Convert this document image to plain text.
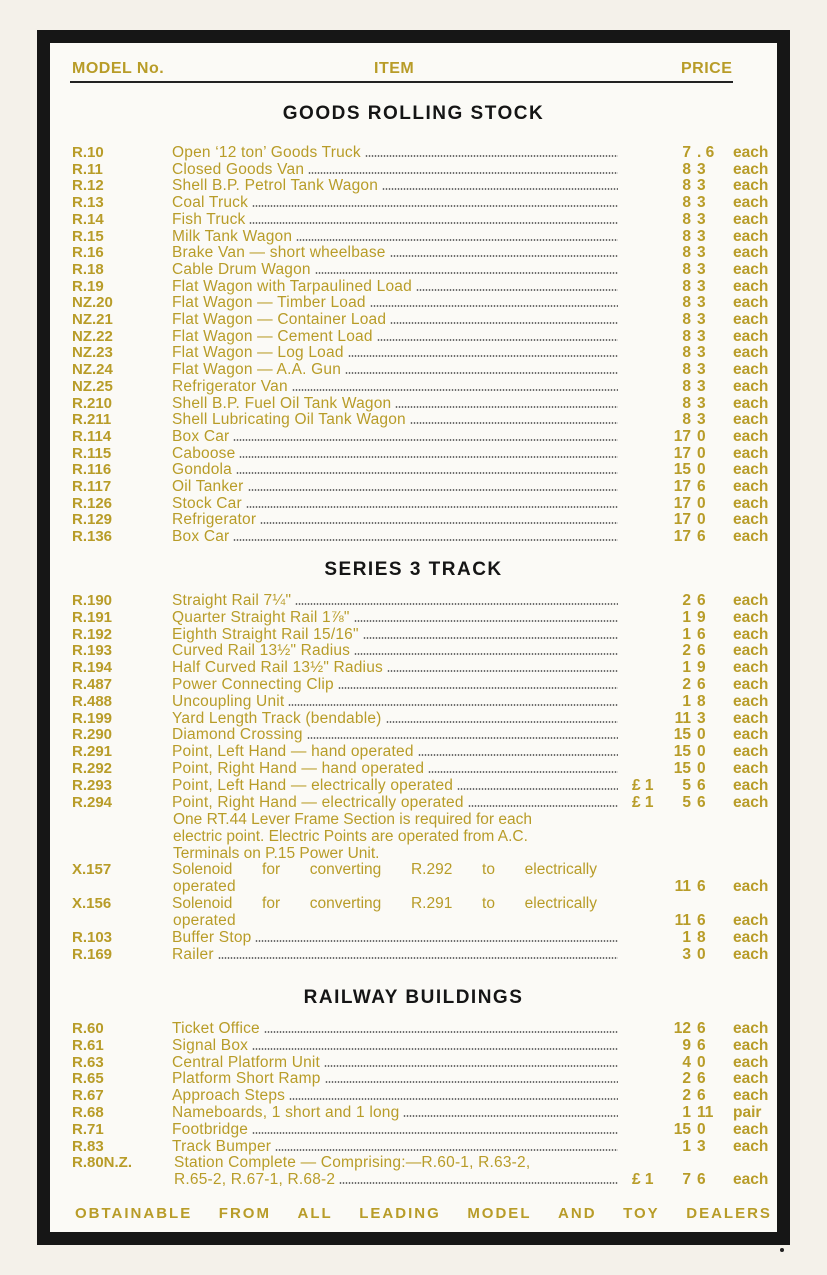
MODEL No.	ITEM	PRICE
GOODS ROLLING STOCK
R.10	Open ‘12 ton’ Goods Truck	7 . 6	each
R.11	Closed Goods Van	8 3	each
R.12	Shell B.P. Petrol Tank Wagon	8 3	each
R.13	Coal Truck	8 3	each
R.14	Fish Truck	8 3	each
R.15	Milk Tank Wagon	8 3	each
R.16	Brake Van — short wheelbase	8 3	each
R.18	Cable Drum Wagon	8 3	each
R.19	Flat Wagon with Tarpaulined Load	8 3	each
NZ.20	Flat Wagon — Timber Load	8 3	each
NZ.21	Flat Wagon — Container Load	8 3	each
NZ.22	Flat Wagon — Cement Load	8 3	each
NZ.23	Flat Wagon — Log Load	8 3	each
NZ.24	Flat Wagon — A.A. Gun	8 3	each
NZ.25	Refrigerator Van	8 3	each
R.210	Shell B.P. Fuel Oil Tank Wagon	8 3	each
R.211	Shell Lubricating Oil Tank Wagon	8 3	each
R.114	Box Car	17 0	each
R.115	Caboose	17 0	each
R.116	Gondola	15 0	each
R.117	Oil Tanker	17 6	each
R.126	Stock Car	17 0	each
R.129	Refrigerator	17 0	each
R.136	Box Car	17 6	each
SERIES 3 TRACK
R.190	Straight Rail 7¼"	2 6	each
R.191	Quarter Straight Rail 1⅞"	1 9	each
R.192	Eighth Straight Rail 15/16"	1 6	each
R.193	Curved Rail 13½" Radius	2 6	each
R.194	Half Curved Rail 13½" Radius	1 9	each
R.487	Power Connecting Clip	2 6	each
R.488	Uncoupling Unit	1 8	each
R.199	Yard Length Track (bendable)	11 3	each
R.290	Diamond Crossing	15 0	each
R.291	Point, Left Hand — hand operated	15 0	each
R.292	Point, Right Hand — hand operated	15 0	each
R.293	Point, Left Hand — electrically operated	£ 1	5 6	each
R.294	Point, Right Hand — electrically operated	£ 1	5 6	each
One RT.44 Lever Frame Section is required for each
electric point. Electric Points are operated from A.C.
Terminals on P.15 Power Unit.
X.157	Solenoid for converting R.292 to electrically
operated	11 6	each
X.156	Solenoid for converting R.291 to electrically
operated	11 6	each
R.103	Buffer Stop	1 8	each
R.169	Railer	3 0	each
RAILWAY BUILDINGS
R.60	Ticket Office	12 6	each
R.61	Signal Box	9 6	each
R.63	Central Platform Unit	4 0	each
R.65	Platform Short Ramp	2 6	each
R.67	Approach Steps	2 6	each
R.68	Nameboards, 1 short and 1 long	1 11	pair
R.71	Footbridge	15 0	each
R.83	Track Bumper	1 3	each
R.80N.Z.	Station Complete — Comprising:—R.60-1, R.63-2,
R.65-2, R.67-1, R.68-2	£ 1	7 6	each
OBTAINABLE FROM ALL LEADING MODEL AND TOY DEALERS
